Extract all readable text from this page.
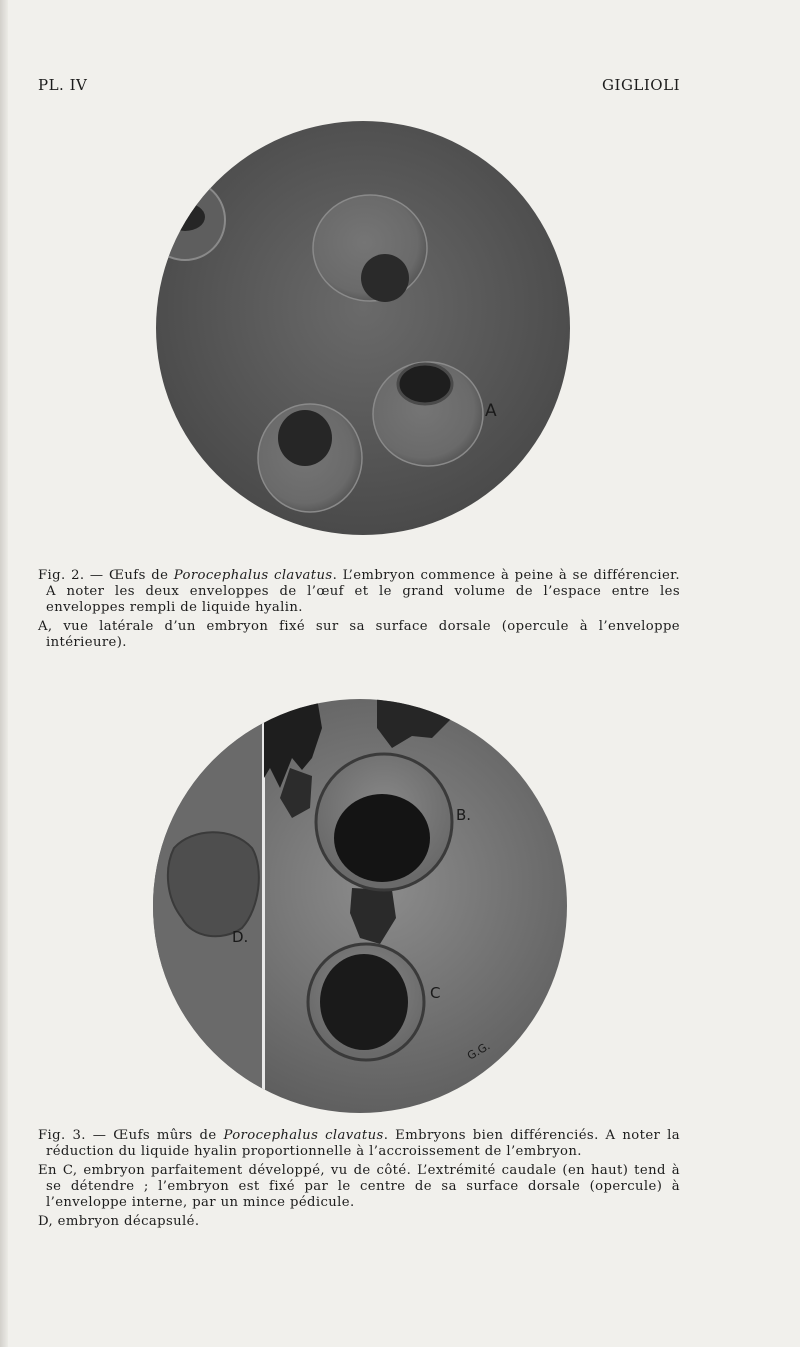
PL. IV	GIGLIOLI
A

Fig. 2. — Œufs de Porocephalus clavatus. L’embryon commence à peine à se différencier. A noter les deux enveloppes de l’œuf et le grand volume de l’espace entre les enveloppes rempli de liquide hyalin.

A, vue latérale d’un embryon fixé sur sa surface dorsale (opercule à l’enveloppe intérieure).

B.
C
D.
G.G.

Fig. 3. — Œufs mûrs de Porocephalus clavatus. Embryons bien différenciés. A noter la réduction du liquide hyalin proportionnelle à l’accroissement de l’embryon.

En C, embryon parfaitement développé, vu de côté. L’extrémité caudale (en haut) tend à se détendre ; l’embryon est fixé par le centre de sa surface dorsale (opercule) à l’enveloppe interne, par un mince pédicule.

D, embryon décapsulé.
